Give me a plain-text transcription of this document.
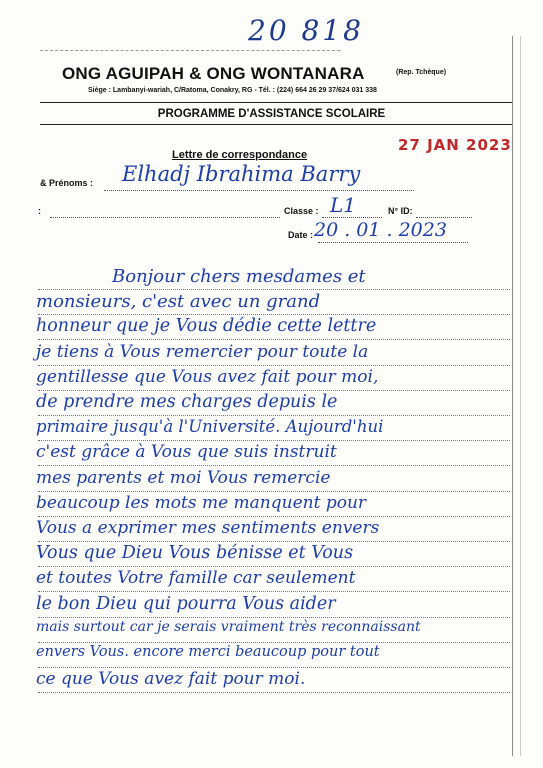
20 818
ONG AGUIPAH & ONG WONTANARA	(Rep. Tchèque)
Siège : Lambanyi-wariah, C/Ratoma, Conakry, RG - Tél. : (224) 664 26 29 37/624 031 338
PROGRAMME D'ASSISTANCE SCOLAIRE
27 JAN 2023
Lettre de correspondance
& Prénoms : Elhadj Ibrahima Barry
:	Classe : L1	N° ID:
Date : 20 . 01 . 2023
Bonjour chers mesdames et
monsieurs, c'est avec un grand
honneur que je Vous dédie cette lettre
je tiens à Vous remercier pour toute la
gentillesse que Vous avez fait pour moi,
de prendre mes charges depuis le
primaire jusqu'à l'Université. Aujourd'hui
c'est grâce à Vous que suis instruit
mes parents et moi Vous remercie
beaucoup les mots me manquent pour
Vous a exprimer mes sentiments envers
Vous que Dieu Vous bénisse et Vous
et toutes Votre famille car seulement
le bon Dieu qui pourra Vous aider
mais surtout car je serais vraiment très reconnaissant
envers Vous. encore merci beaucoup pour tout
ce que Vous avez fait pour moi.
